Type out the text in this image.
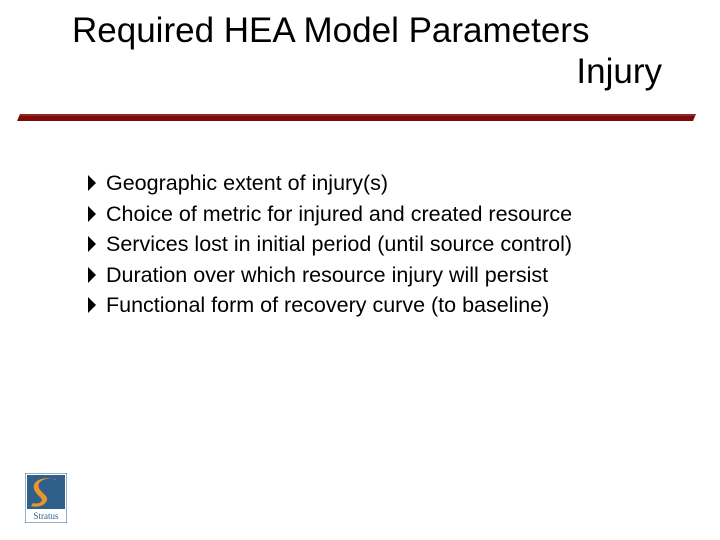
Required HEA Model Parameters
Injury
Geographic extent of injury(s)
Choice of metric for injured and created resource
Services lost in initial period (until source control)
Duration over which resource injury will persist
Functional form of recovery curve (to baseline)
Stratus
